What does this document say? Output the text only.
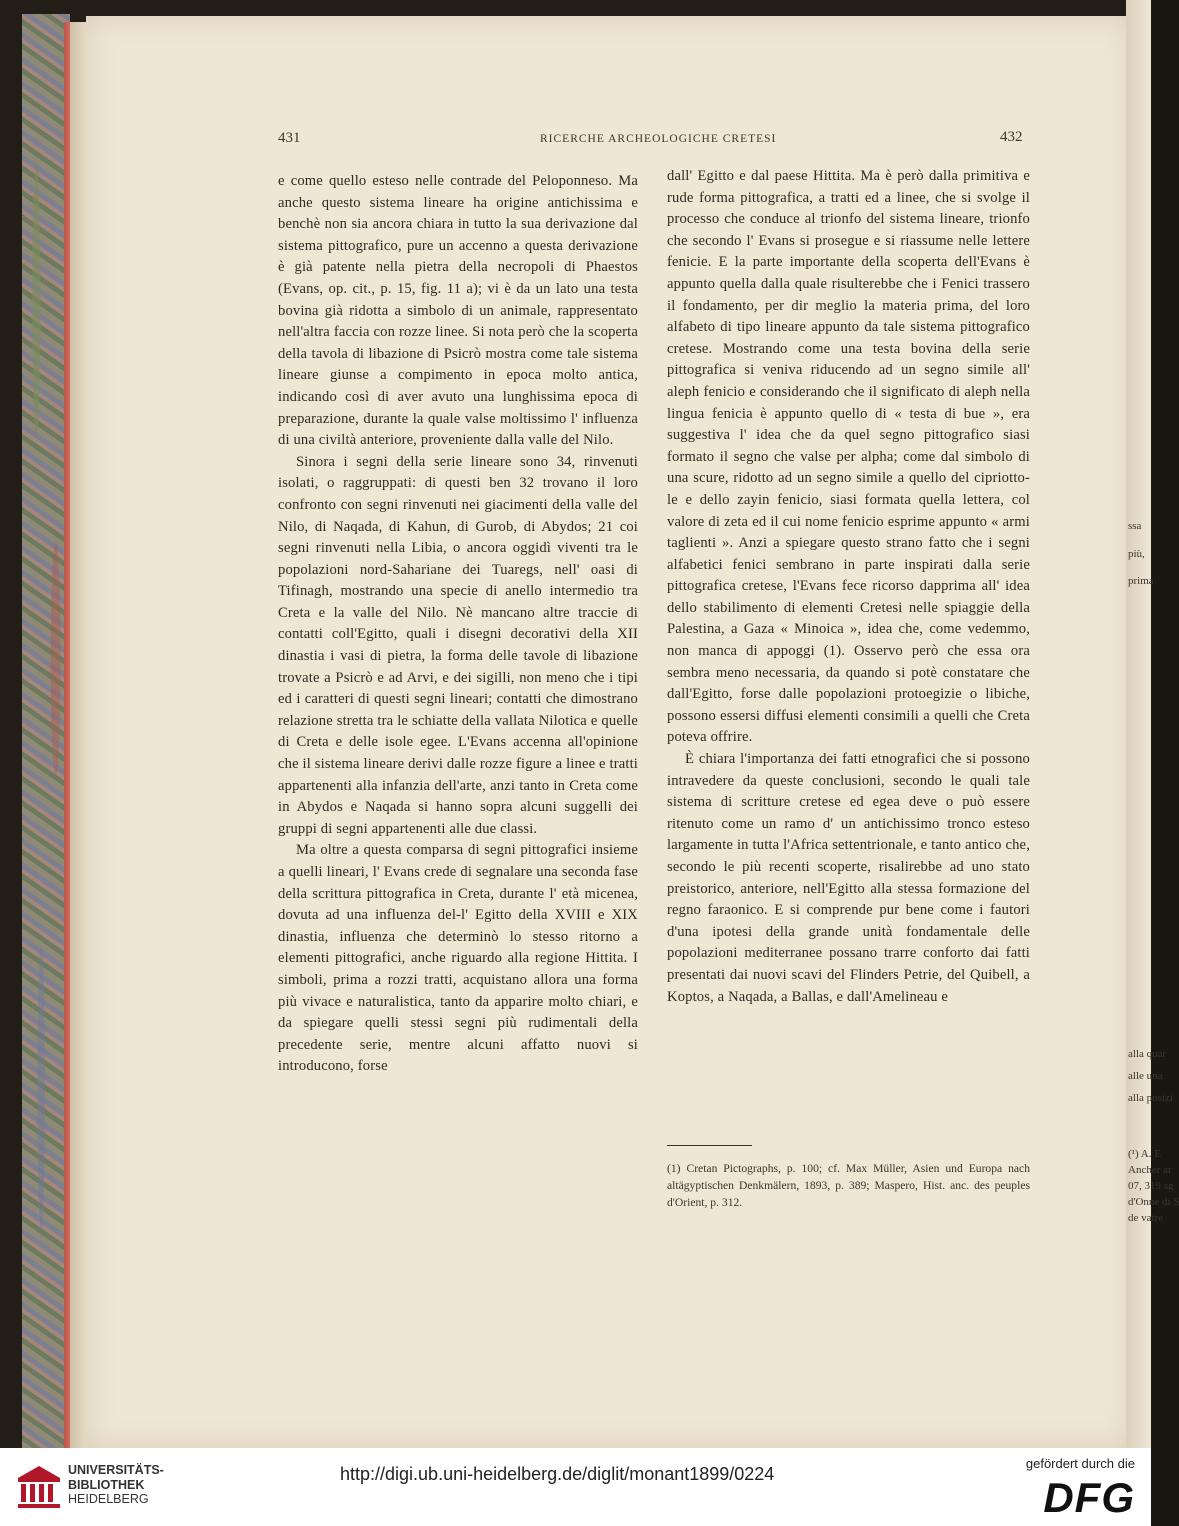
431	RICERCHE ARCHEOLOGICHE CRETESI	432

e come quello esteso nelle contrade del Peloponneso. Ma anche questo sistema lineare ha origine antichissima e benchè non sia ancora chiara in tutto la sua derivazione dal sistema pittografico, pure un accenno a questa derivazione è già patente nella pietra della necropoli di Phaestos (Evans, op. cit., p. 15, fig. 11 a); vi è da un lato una testa bovina già ridotta a simbolo di un animale, rappresentato nell'altra faccia con rozze linee. Si nota però che la scoperta della tavola di libazione di Psicrò mostra come tale sistema lineare giunse a compimento in epoca molto antica, indicando così di aver avuto una lunghissima epoca di preparazione, durante la quale valse moltissimo l' influenza di una civiltà anteriore, proveniente dalla valle del Nilo.

Sinora i segni della serie lineare sono 34, rinvenuti isolati, o raggruppati: di questi ben 32 trovano il loro confronto con segni rinvenuti nei giacimenti della valle del Nilo, di Naqada, di Kahun, di Gurob, di Abydos; 21 coi segni rinvenuti nella Libia, o ancora oggidì viventi tra le popolazioni nord-Sahariane dei Tuaregs, nell' oasi di Tifinagh, mostrando una specie di anello intermedio tra Creta e la valle del Nilo. Nè mancano altre traccie di contatti coll'Egitto, quali i disegni decorativi della XII dinastia i vasi di pietra, la forma delle tavole di libazione trovate a Psicrò e ad Arvi, e dei sigilli, non meno che i tipi ed i caratteri di questi segni lineari; contatti che dimostrano relazione stretta tra le schiatte della vallata Nilotica e quelle di Creta e delle isole egee. L'Evans accenna all'opinione che il sistema lineare derivi dalle rozze figure a linee e tratti appartenenti alla infanzia dell'arte, anzi tanto in Creta come in Abydos e Naqada si hanno sopra alcuni suggelli dei gruppi di segni appartenenti alle due classi.

Ma oltre a questa comparsa di segni pittografici insieme a quelli lineari, l' Evans crede di segnalare una seconda fase della scrittura pittografica in Creta, durante l' età micenea, dovuta ad una influenza del-l' Egitto della XVIII e XIX dinastia, influenza che determinò lo stesso ritorno a elementi pittografici, anche riguardo alla regione Hittita. I simboli, prima a rozzi tratti, acquistano allora una forma più vivace e naturalistica, tanto da apparire molto chiari, e da spiegare quelli stessi segni più rudimentali della precedente serie, mentre alcuni affatto nuovi si introducono, forse

dall' Egitto e dal paese Hittita. Ma è però dalla primitiva e rude forma pittografica, a tratti ed a linee, che si svolge il processo che conduce al trionfo del sistema lineare, trionfo che secondo l' Evans si prosegue e si riassume nelle lettere fenicie. E la parte importante della scoperta dell'Evans è appunto quella dalla quale risulterebbe che i Fenici trassero il fondamento, per dir meglio la materia prima, del loro alfabeto di tipo lineare appunto da tale sistema pittografico cretese. Mostrando come una testa bovina della serie pittografica si veniva riducendo ad un segno simile all' aleph fenicio e considerando che il significato di aleph nella lingua fenicia è appunto quello di « testa di bue », era suggestiva l' idea che da quel segno pittografico siasi formato il segno che valse per alpha; come dal simbolo di una scure, ridotto ad un segno simile a quello del cipriotto-le e dello zayin fenicio, siasi formata quella lettera, col valore di zeta ed il cui nome fenicio esprime appunto « armi taglienti ». Anzi a spiegare questo strano fatto che i segni alfabetici fenici sembrano in parte inspirati dalla serie pittografica cretese, l'Evans fece ricorso dapprima all' idea dello stabilimento di elementi Cretesi nelle spiaggie della Palestina, a Gaza « Minoica », idea che, come vedemmo, non manca di appoggi (1). Osservo però che essa ora sembra meno necessaria, da quando si potè constatare che dall'Egitto, forse dalle popolazioni protoegizie o libiche, possono essersi diffusi elementi consimili a quelli che Creta poteva offrire.

È chiara l'importanza dei fatti etnografici che si possono intravedere da queste conclusioni, secondo le quali tale sistema di scritture cretese ed egea deve o può essere ritenuto come un ramo d' un antichissimo tronco esteso largamente in tutta l'Africa settentrionale, e tanto antico che, secondo le più recenti scoperte, risalirebbe ad uno stato preistorico, anteriore, nell'Egitto alla stessa formazione del regno faraonico. E si comprende pur bene come i fautori d'una ipotesi della grande unità fondamentale delle popolazioni mediterranee possano trarre conforto dai fatti presentati dai nuovi scavi del Flinders Petrie, del Quibell, a Koptos, a Naqada, a Ballas, e dall'Amelineau e

(1) Cretan Pictographs, p. 100; cf. Max Müller, Asien und Europa nach altägyptischen Denkmälern, 1893, p. 389; Maspero, Hist. anc. des peuples d'Orient, p. 312.
ssa
più,
prima
alla quar
alle una
alla posizi
(¹) A. E
Ancher ar
07, 319 sg
d'Onne di S
de vatre
UNIVERSITÄTS-
BIBLIOTHEK
HEIDELBERG
http://digi.ub.uni-heidelberg.de/diglit/monant1899/0224
gefördert durch die
DFG
